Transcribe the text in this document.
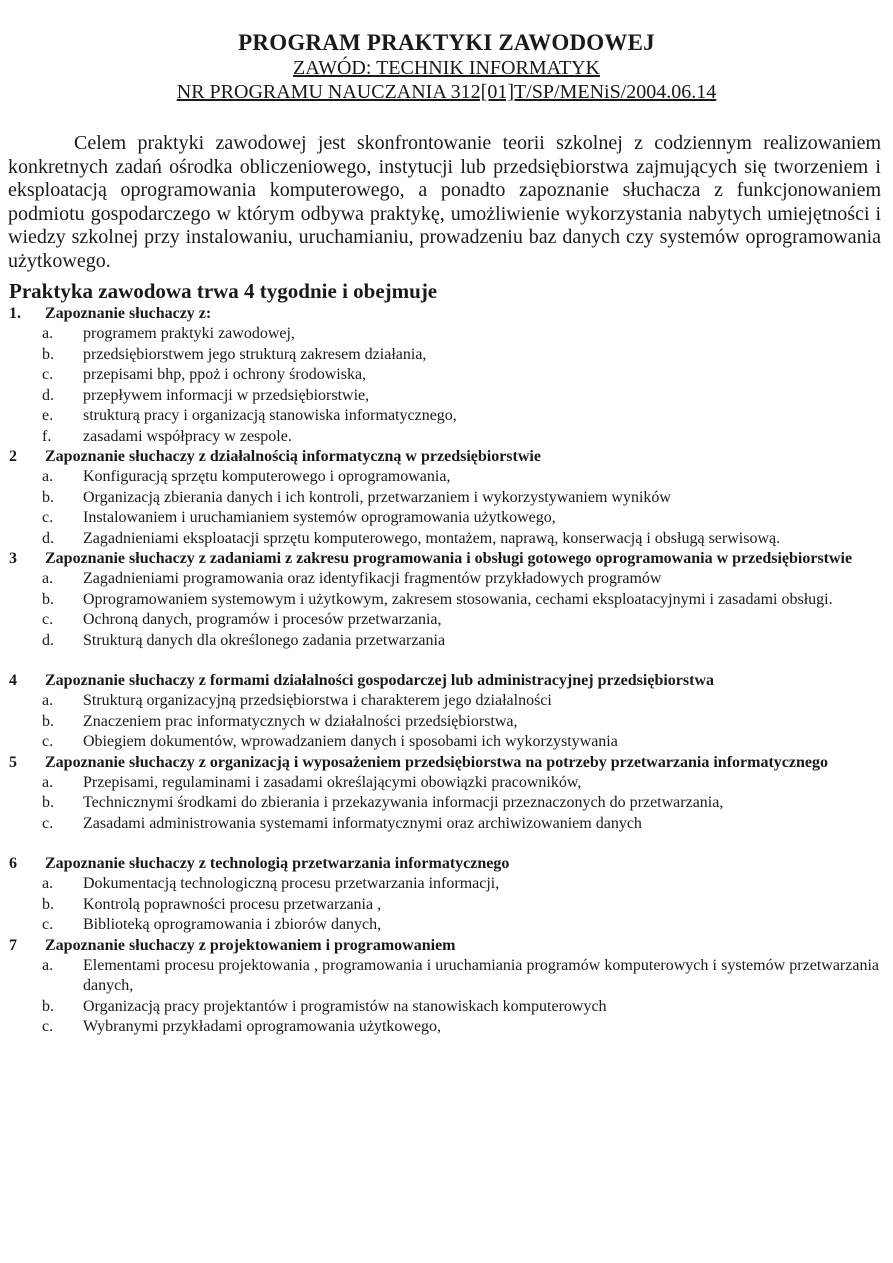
PROGRAM PRAKTYKI ZAWODOWEJ
ZAWÓD: TECHNIK INFORMATYK
NR PROGRAMU NAUCZANIA 312[01]T/SP/MENiS/2004.06.14
Celem praktyki zawodowej jest skonfrontowanie teorii szkolnej z codziennym realizowaniem konkretnych zadań ośrodka obliczeniowego, instytucji lub przedsiębiorstwa zajmujących się tworzeniem i eksploatacją oprogramowania komputerowego, a ponadto zapoznanie słuchacza z funkcjonowaniem podmiotu gospodarczego w którym odbywa praktykę, umożliwienie wykorzystania nabytych umiejętności i wiedzy szkolnej przy instalowaniu, uruchamianiu, prowadzeniu baz danych czy systemów oprogramowania użytkowego.
Praktyka zawodowa trwa 4 tygodnie i obejmuje
1.	Zapoznanie słuchaczy z:
a.	programem praktyki zawodowej,
b.	przedsiębiorstwem jego strukturą zakresem działania,
c.	przepisami bhp, ppoż i ochrony środowiska,
d.	przepływem informacji w przedsiębiorstwie,
e.	strukturą pracy i organizacją stanowiska informatycznego,
f.	zasadami współpracy w zespole.
2	Zapoznanie słuchaczy z działalnością informatyczną w przedsiębiorstwie
a.	Konfiguracją sprzętu komputerowego i oprogramowania,
b.	Organizacją zbierania danych i ich kontroli, przetwarzaniem i wykorzystywaniem wyników
c.	Instalowaniem i uruchamianiem systemów oprogramowania użytkowego,
d.	Zagadnieniami eksploatacji sprzętu komputerowego, montażem, naprawą, konserwacją i obsługą serwisową.
3	Zapoznanie słuchaczy z zadaniami z zakresu programowania i obsługi gotowego oprogramowania w przedsiębiorstwie
a.	Zagadnieniami programowania oraz identyfikacji fragmentów przykładowych programów
b.	Oprogramowaniem systemowym i użytkowym, zakresem stosowania, cechami eksploatacyjnymi i zasadami obsługi.
c.	Ochroną danych, programów i procesów przetwarzania,
d.	Strukturą danych dla określonego zadania przetwarzania
4	Zapoznanie słuchaczy z formami działalności gospodarczej lub administracyjnej przedsiębiorstwa
a.	Strukturą organizacyjną przedsiębiorstwa i charakterem jego działalności
b.	Znaczeniem prac informatycznych w działalności przedsiębiorstwa,
c.	Obiegiem dokumentów, wprowadzaniem danych i sposobami ich wykorzystywania
5	Zapoznanie słuchaczy z organizacją i wyposażeniem przedsiębiorstwa na potrzeby przetwarzania informatycznego
a.	Przepisami, regulaminami i zasadami określającymi obowiązki pracowników,
b.	Technicznymi środkami do zbierania i przekazywania informacji przeznaczonych do przetwarzania,
c.	Zasadami administrowania systemami informatycznymi oraz archiwizowaniem danych
6	Zapoznanie słuchaczy z technologią przetwarzania informatycznego
a.	Dokumentacją technologiczną procesu przetwarzania informacji,
b.	Kontrolą poprawności procesu przetwarzania ,
c.	Biblioteką oprogramowania i zbiorów danych,
7	Zapoznanie słuchaczy z projektowaniem i programowaniem
a.	Elementami procesu projektowania , programowania i uruchamiania programów komputerowych i systemów przetwarzania danych,
b.	Organizacją pracy projektantów i programistów na stanowiskach komputerowych
c.	Wybranymi przykładami oprogramowania użytkowego,
